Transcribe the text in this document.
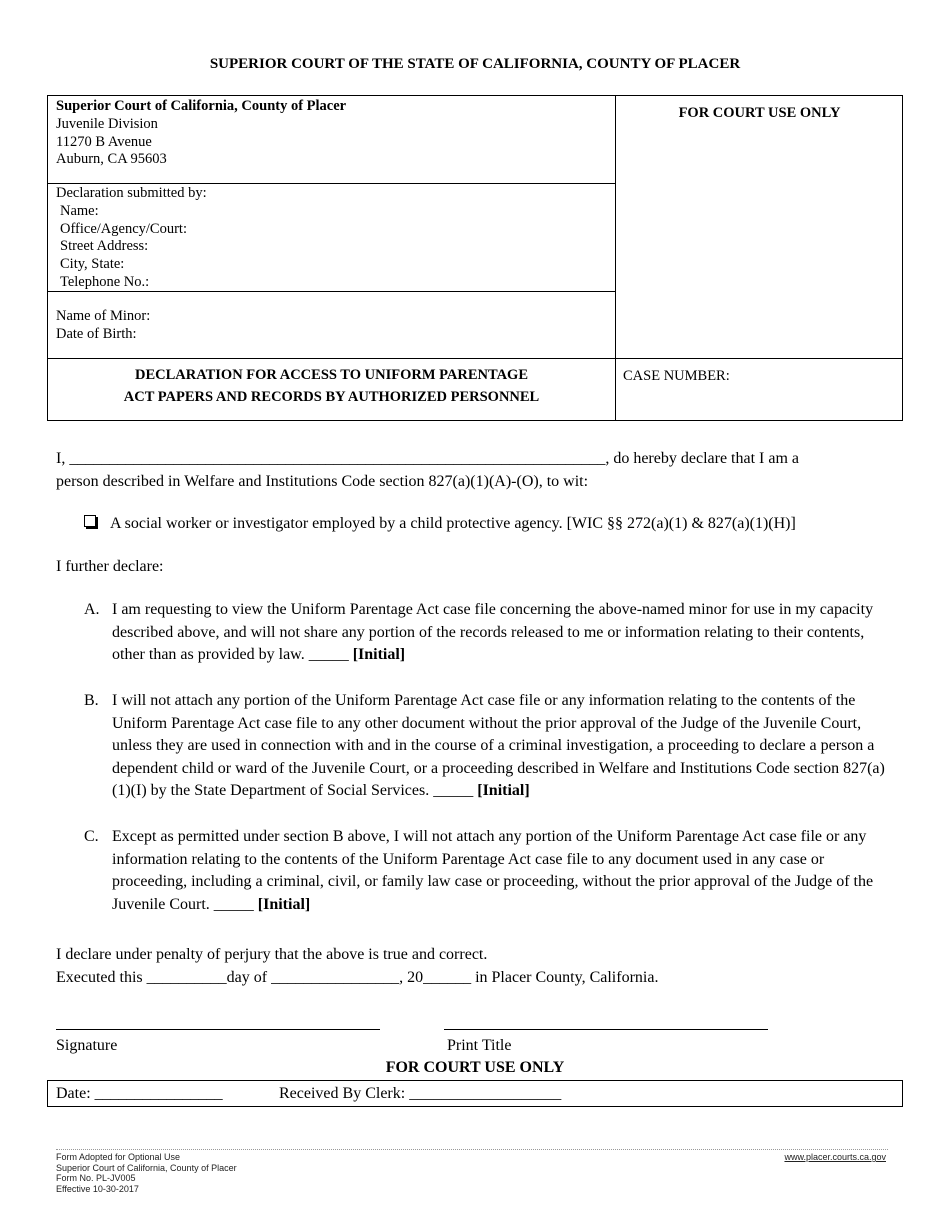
SUPERIOR COURT OF THE STATE OF CALIFORNIA, COUNTY OF PLACER
Superior Court of California, County of Placer
Juvenile Division
11270 B Avenue
Auburn, CA 95603
Declaration submitted by:
Name:
Office/Agency/Court:
Street Address:
City, State:
Telephone No.:
Name of Minor:
Date of Birth:
DECLARATION FOR ACCESS TO UNIFORM PARENTAGE
ACT PAPERS AND RECORDS BY AUTHORIZED PERSONNEL
FOR COURT USE ONLY
CASE NUMBER:
I, ___________________________________________________________________, do hereby declare that I am a
person described in Welfare and Institutions Code section 827(a)(1)(A)-(O), to wit:
A social worker or investigator employed by a child protective agency. [WIC §§ 272(a)(1) & 827(a)(1)(H)]
I further declare:
A. I am requesting to view the Uniform Parentage Act case file concerning the above-named minor for use in my capacity described above, and will not share any portion of the records released to me or information relating to their contents, other than as provided by law. _____ [Initial]
B. I will not attach any portion of the Uniform Parentage Act case file or any information relating to the contents of the Uniform Parentage Act case file to any other document without the prior approval of the Judge of the Juvenile Court, unless they are used in connection with and in the course of a criminal investigation, a proceeding to declare a person a dependent child or ward of the Juvenile Court, or a proceeding described in Welfare and Institutions Code section 827(a)(1)(I) by the State Department of Social Services. _____ [Initial]
C. Except as permitted under section B above, I will not attach any portion of the Uniform Parentage Act case file or any information relating to the contents of the Uniform Parentage Act case file to any document used in any case or proceeding, including a criminal, civil, or family law case or proceeding, without the prior approval of the Judge of the Juvenile Court. _____ [Initial]
I declare under penalty of perjury that the above is true and correct.
Executed this __________day of ________________, 20______ in Placer County, California.
Signature	Print Title
FOR COURT USE ONLY
Date: ________________	Received By Clerk: ___________________
Form Adopted for Optional Use
Superior Court of California, County of Placer
Form No. PL-JV005
Effective 10-30-2017
www.placer.courts.ca.gov
